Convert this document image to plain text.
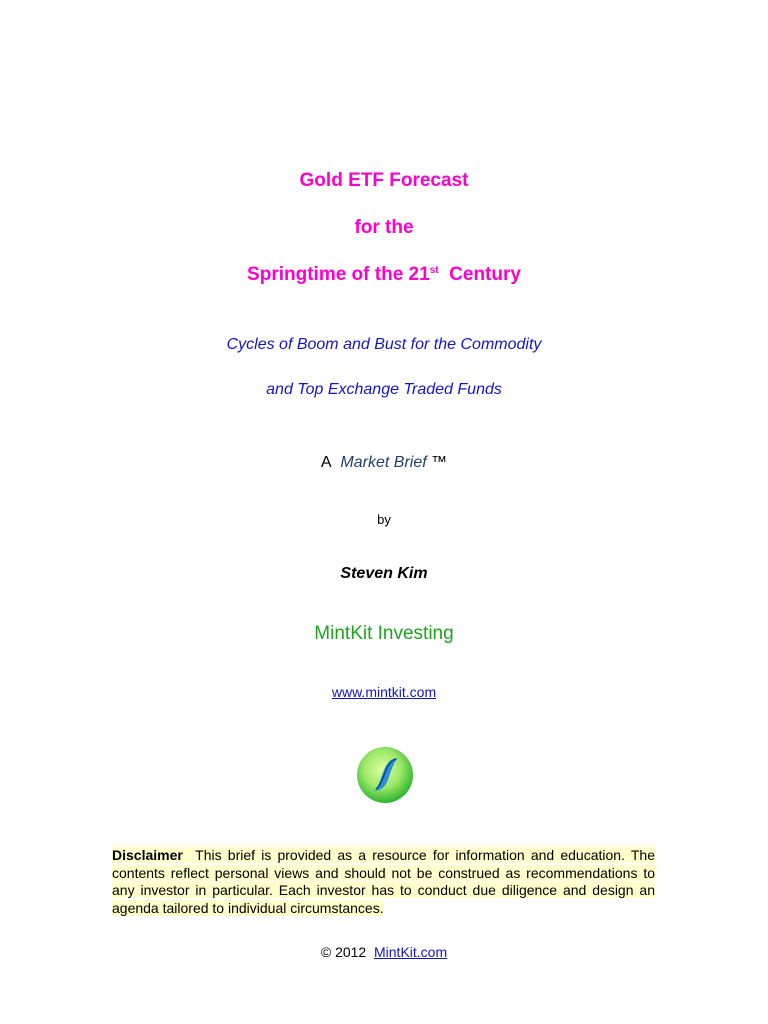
Gold ETF Forecast
for the
Springtime of the 21st Century
Cycles of Boom and Bust for the Commodity
and Top Exchange Traded Funds
A Market Brief ™
by
Steven Kim
MintKit Investing
www.mintkit.com
Disclaimer This brief is provided as a resource for information and education. The contents reflect personal views and should not be construed as recommendations to any investor in particular. Each investor has to conduct due diligence and design an agenda tailored to individual circumstances.
© 2012 MintKit.com
